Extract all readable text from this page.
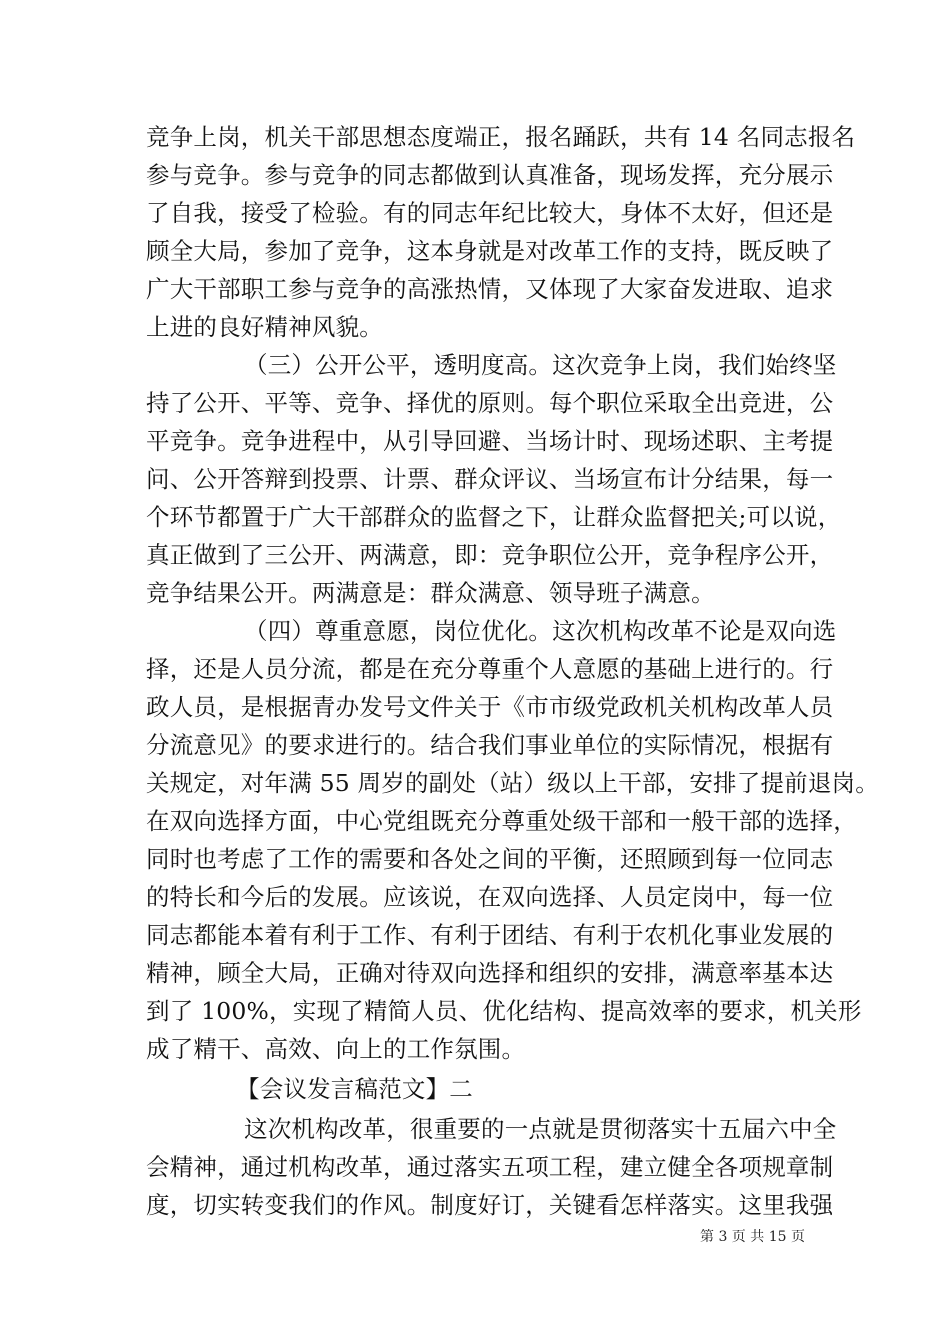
竞争上岗，机关干部思想态度端正，报名踊跃，共有 14 名同志报名
参与竞争。参与竞争的同志都做到认真准备，现场发挥，充分展示
了自我，接受了检验。有的同志年纪比较大，身体不太好，但还是
顾全大局，参加了竞争，这本身就是对改革工作的支持，既反映了
广大干部职工参与竞争的高涨热情，又体现了大家奋发进取、追求
上进的良好精神风貌。
（三）公开公平，透明度高。这次竞争上岗，我们始终坚
持了公开、平等、竞争、择优的原则。每个职位采取全出竞进，公
平竞争。竞争进程中，从引导回避、当场计时、现场述职、主考提
问、公开答辩到投票、计票、群众评议、当场宣布计分结果，每一
个环节都置于广大干部群众的监督之下，让群众监督把关;可以说，
真正做到了三公开、两满意，即：竞争职位公开，竞争程序公开，
竞争结果公开。两满意是：群众满意、领导班子满意。
（四）尊重意愿，岗位优化。这次机构改革不论是双向选
择，还是人员分流，都是在充分尊重个人意愿的基础上进行的。行
政人员，是根据青办发号文件关于《市市级党政机关机构改革人员
分流意见》的要求进行的。结合我们事业单位的实际情况，根据有
关规定，对年满 55 周岁的副处（站）级以上干部，安排了提前退岗。
在双向选择方面，中心党组既充分尊重处级干部和一般干部的选择，
同时也考虑了工作的需要和各处之间的平衡，还照顾到每一位同志
的特长和今后的发展。应该说，在双向选择、人员定岗中，每一位
同志都能本着有利于工作、有利于团结、有利于农机化事业发展的
精神，顾全大局，正确对待双向选择和组织的安排，满意率基本达
到了 100%，实现了精简人员、优化结构、提高效率的要求，机关形
成了精干、高效、向上的工作氛围。
【会议发言稿范文】二
这次机构改革，很重要的一点就是贯彻落实十五届六中全
会精神，通过机构改革，通过落实五项工程，建立健全各项规章制
度，切实转变我们的作风。制度好订，关键看怎样落实。这里我强
第 3 页 共 15 页
